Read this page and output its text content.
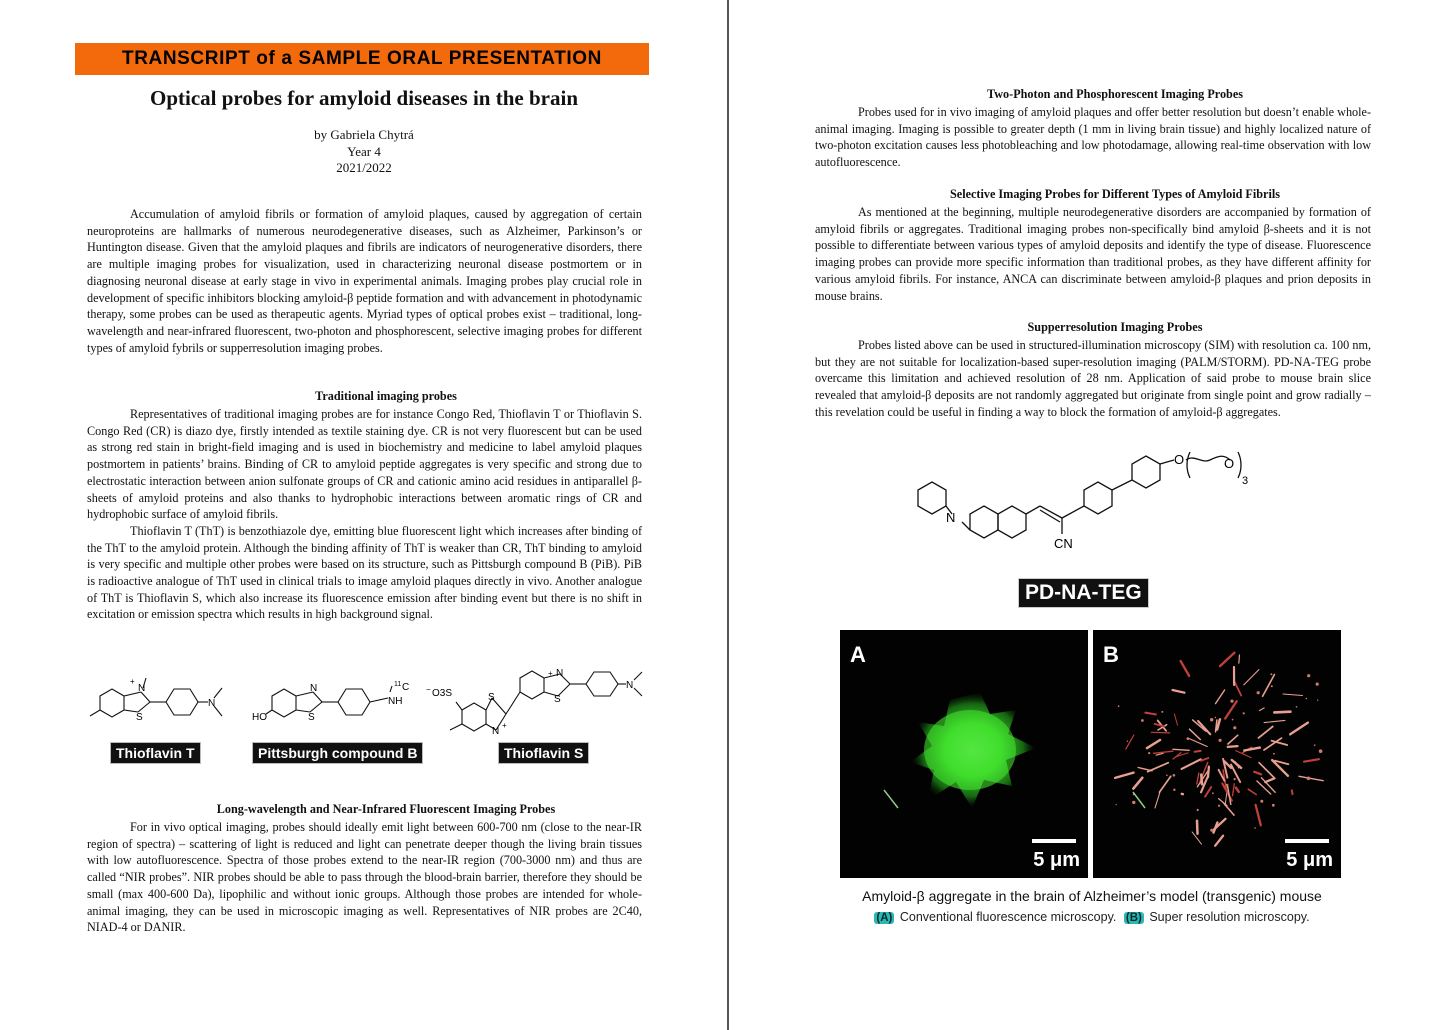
TRANSCRIPT of a SAMPLE ORAL PRESENTATION
Optical probes for amyloid diseases in the brain
by Gabriela Chytrá
Year 4
2021/2022

Accumulation of amyloid fibrils or formation of amyloid plaques, caused by aggregation of certain neuroproteins are hallmarks of numerous neurodegenerative diseases, such as Alzheimer, Parkinson’s or Huntington disease. Given that the amyloid plaques and fibrils are indicators of neurogenerative disorders, there are multiple imaging probes for visualization, used in characterizing neuronal disease postmortem or in diagnosing neuronal disease at early stage in vivo in experimental animals. Imaging probes play crucial role in development of specific inhibitors blocking amyloid-β peptide formation and with advancement in photodynamic therapy, some probes can be used as therapeutic agents. Myriad types of optical probes exist – traditional, long-wavelength and near-infrared fluorescent, two-photon and phosphorescent, selective imaging probes for different types of amyloid fybrils or supperresolution imaging probes.

Traditional imaging probes

Representatives of traditional imaging probes are for instance Congo Red, Thioflavin T or Thioflavin S. Congo Red (CR) is diazo dye, firstly intended as textile staining dye. CR is not very fluorescent but can be used as strong red stain in bright-field imaging and is used in biochemistry and medicine to label amyloid plaques postmortem in patients’ brains. Binding of CR to amyloid peptide aggregates is very specific and strong due to electrostatic interaction between anion sulfonate groups of CR and cationic amino acid residues in antiparallel β-sheets of amyloid proteins and also thanks to hydrophobic interactions between aromatic rings of CR and hydrophobic surface of amyloid fibrils.

Thioflavin T (ThT) is benzothiazole dye, emitting blue fluorescent light which increases after binding of the ThT to the amyloid protein. Although the binding affinity of ThT is weaker than CR, ThT binding to amyloid is very specific and multiple other probes were based on its structure, such as Pittsburgh compound B (PiB). PiB is radioactive analogue of ThT used in clinical trials to image amyloid plaques directly in vivo. Another analogue of ThT is Thioflavin S, which also increase its fluorescence emission after binding event but there is no shift in excitation or emission spectra which results in high background signal.

N
+
S
N
HO
N
S
NH
11 C
O3S
−
S
N
+
N
+
S
N
Thioflavin T	Pittsburgh compound B	Thioflavin S
Long-wavelength and Near-Infrared Fluorescent Imaging Probes

For in vivo optical imaging, probes should ideally emit light between 600-700 nm (close to the near-IR region of spectra) – scattering of light is reduced and light can penetrate deeper though the living brain tissues with low autofluorescence. Spectra of those probes extend to the near-IR region (700-3000 nm) and thus are called “NIR probes”. NIR probes should be able to pass through the blood-brain barrier, therefore they should be small (max 400-600 Da), lipophilic and without ionic groups. Although those probes are intended for whole-animal imaging, they can be used in microscopic imaging as well. Representatives of NIR probes are 2C40, NIAD-4 or DANIR.

Two-Photon and Phosphorescent Imaging Probes

Probes used for in vivo imaging of amyloid plaques and offer better resolution but doesn’t enable whole-animal imaging. Imaging is possible to greater depth (1 mm in living brain tissue) and highly localized nature of two-photon excitation causes less photobleaching and low photodamage, allowing real-time observation with low autofluorescence.

Selective Imaging Probes for Different Types of Amyloid Fibrils

As mentioned at the beginning, multiple neurodegenerative disorders are accompanied by formation of amyloid fibrils or aggregates. Traditional imaging probes non-specifically bind amyloid β-sheets and it is not possible to differentiate between various types of amyloid deposits and identify the type of disease. Fluorescence imaging probes can provide more specific information than traditional probes, as they have different affinity for various amyloid fibrils. For instance, ANCA can discriminate between amyloid-β plaques and prion deposits in mouse brains.

Supperresolution Imaging Probes

Probes listed above can be used in structured-illumination microscopy (SIM) with resolution ca. 100 nm, but they are not suitable for localization-based super-resolution imaging (PALM/STORM). PD-NA-TEG probe overcame this limitation and achieved resolution of 28 nm. Application of said probe to mouse brain slice revealed that amyloid-β deposits are not randomly aggregated but originate from single point and grow radially – this revelation could be useful in finding a way to block the formation of amyloid-β aggregates.

N
CN
O	O
3
PD-NA-TEG
A
5 μm
B
5 μm
Amyloid-β aggregate in the brain of Alzheimer’s model (transgenic) mouse
(A) Conventional fluorescence microscopy. (B) Super resolution microscopy.
